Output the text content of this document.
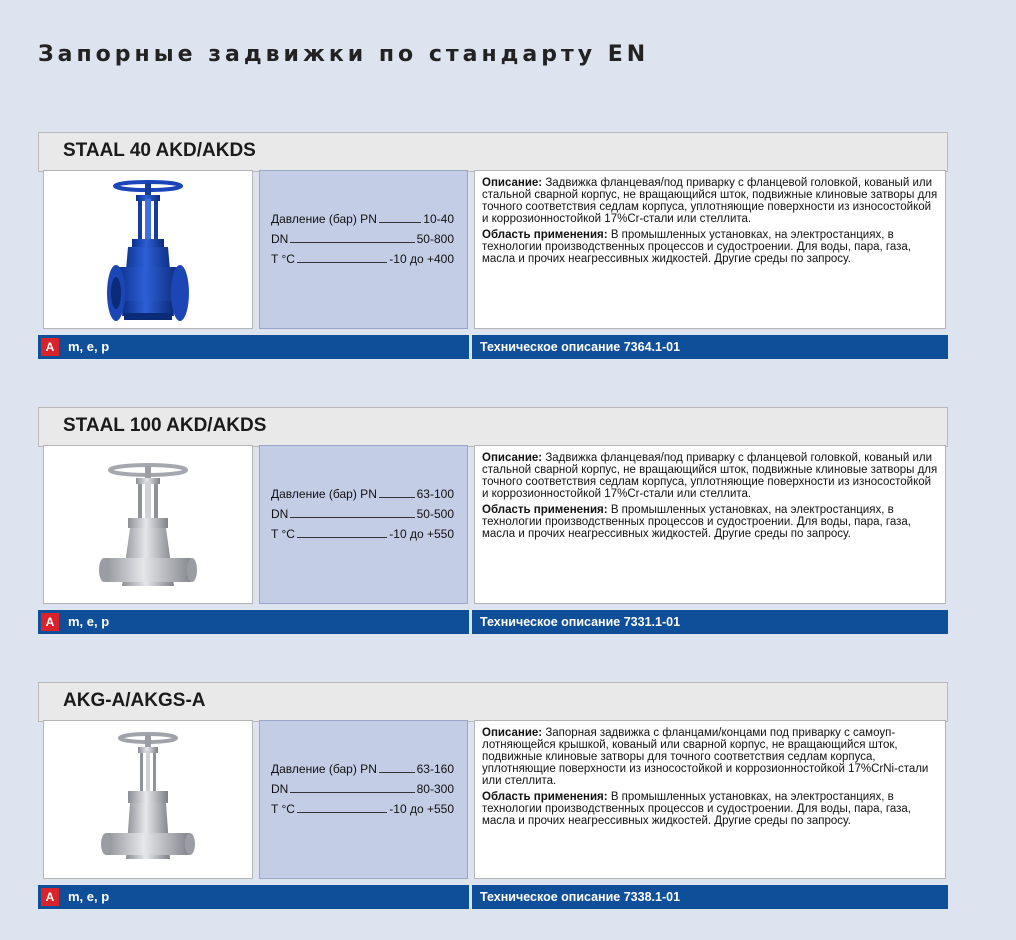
Запорные задвижки по стандарту EN
STAAL 40 AKD/AKDS
Давление (бар) PN	10-40
DN	50-800
T °C	-10 до +400

Описание: Задвижка фланцевая/под приварку с фланцевой головкой, кованый или стальной сварной корпус, не вращающийся шток, подвижные клиновые затворы для точного соответствия седлам корпуса, уплотняющие поверхности из износостойкой и коррозионностойкой 17%Cr-стали или стеллита.

Область применения: В промышленных установках, на электростанциях, в технологии производственных процессов и судостроении. Для воды, пара, газа, масла и прочих неагрессивных жидкостей. Другие среды по запросу.

A	m, e, p	Техническое описание 7364.1-01
STAAL 100 AKD/AKDS
Давление (бар) PN	63-100
DN	50-500
T °C	-10 до +550

Описание: Задвижка фланцевая/под приварку с фланцевой головкой, кованый или стальной сварной корпус, не вращающийся шток, подвижные клиновые затворы для точного соответствия седлам корпуса, уплотняющие поверхности из износостойкой и коррозионностойкой 17%Cr-стали или стеллита.

Область применения: В промышленных установках, на электростанциях, в технологии производственных процессов и судостроении. Для воды, пара, газа, масла и прочих неагрессивных жидкостей. Другие среды по запросу.

A	m, e, p	Техническое описание 7331.1-01
AKG-A/AKGS-A
Давление (бар) PN	63-160
DN	80-300
T °C	-10 до +550

Описание: Запорная задвижка с фланцами/концами под приварку с самоуп-лотняющейся крышкой, кованый или сварной корпус, не вращающийся шток, подвижные клиновые затворы для точного соответствия седлам корпуса, уплотняющие поверхности из износостойкой и коррозионностойкой 17%CrNi-стали или стеллита.

Область применения: В промышленных установках, на электростанциях, в технологии производственных процессов и судостроении. Для воды, пара, газа, масла и прочих неагрессивных жидкостей. Другие среды по запросу.

A	m, e, p	Техническое описание 7338.1-01
